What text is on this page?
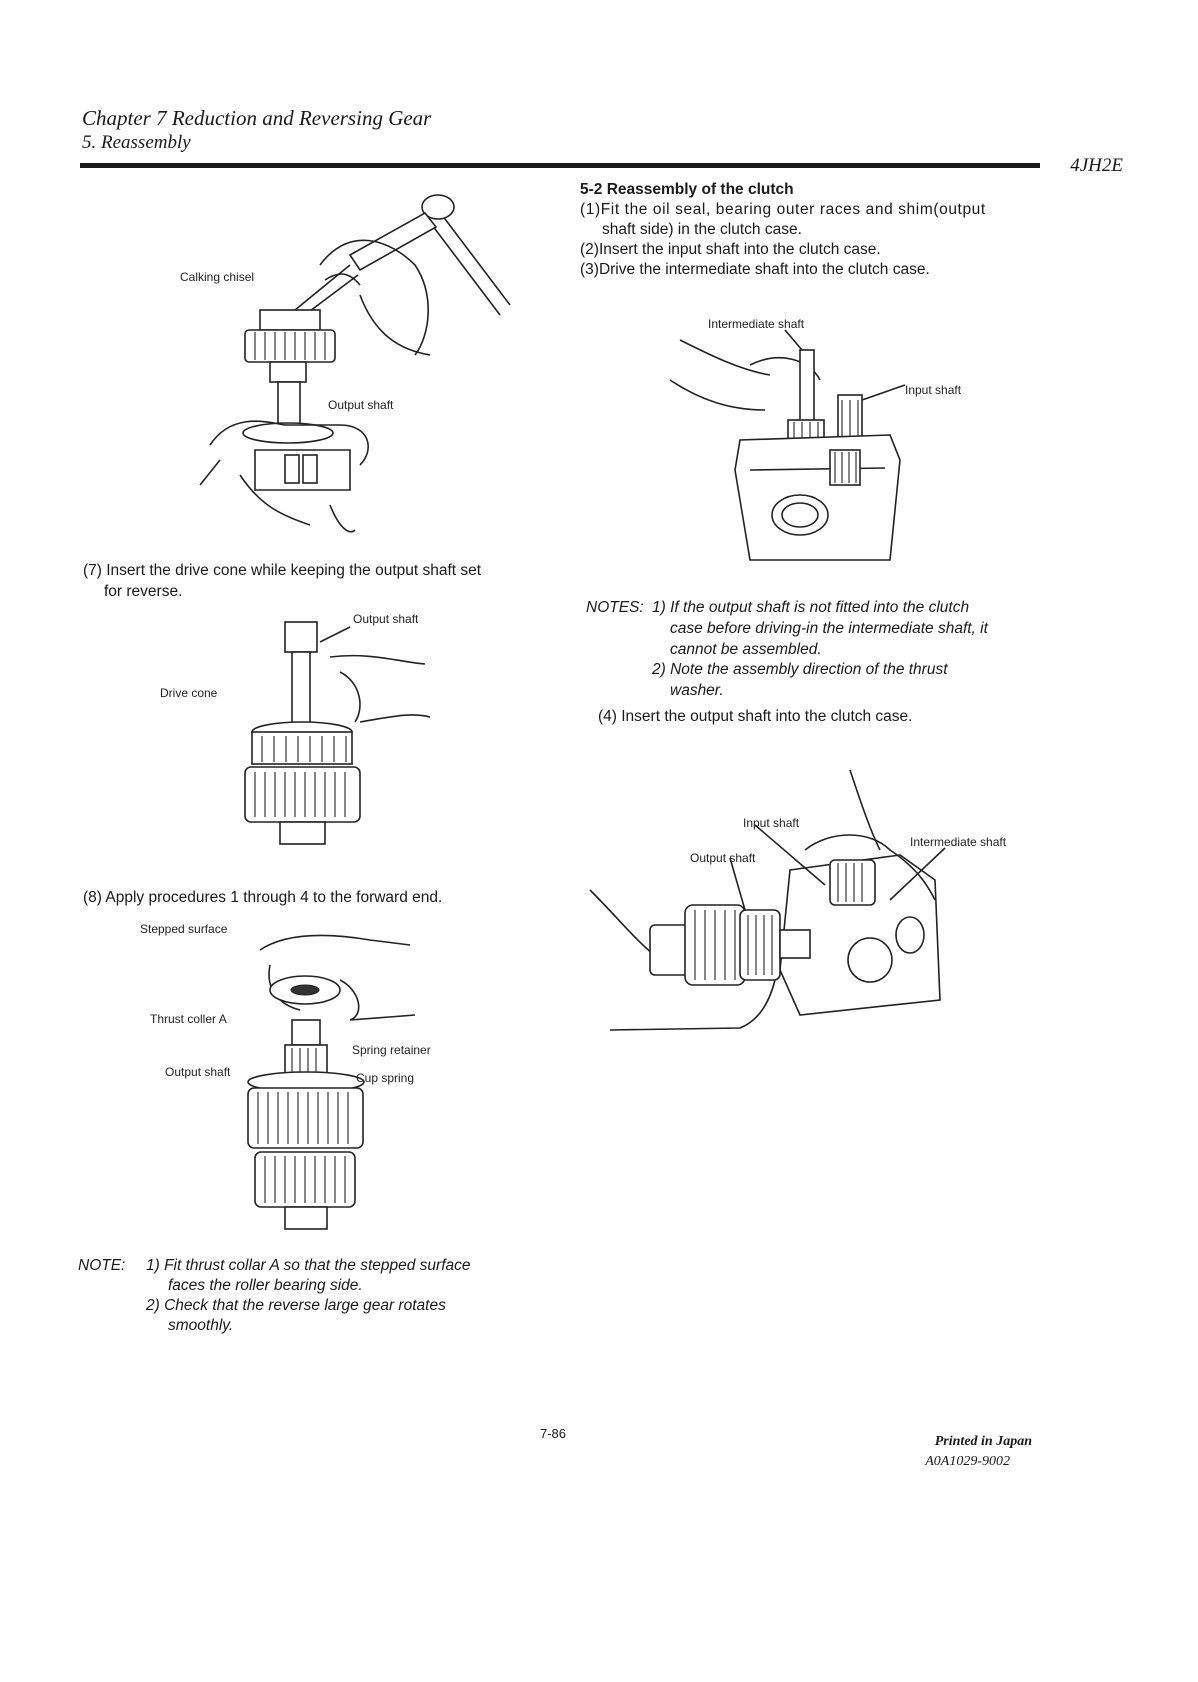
Chapter 7 Reduction and Reversing Gear
5. Reassembly
4JH2E
Calking chisel
Output shaft
(7) Insert the drive cone while keeping the output shaft set
for reverse.
Output shaft
Drive cone
(8) Apply procedures 1 through 4 to the forward end.
Stepped surface
Thrust coller A
Output shaft
Spring retainer
Cup spring
NOTE: 1) Fit thrust collar A so that the stepped surface
faces the roller bearing side.
2) Check that the reverse large gear rotates
smoothly.
5-2 Reassembly of the clutch
(1)Fit the oil seal, bearing outer races and shim(output
shaft side) in the clutch case.
(2)Insert the input shaft into the clutch case.
(3)Drive the intermediate shaft into the clutch case.
Intermediate shaft
Input shaft
NOTES: 1) If the output shaft is not fitted into the clutch
case before driving-in the intermediate shaft, it
cannot be assembled.
2) Note the assembly direction of the thrust
washer.
(4) Insert the output shaft into the clutch case.
Input shaft
Intermediate shaft
Output shaft
7-86
Printed in Japan
A0A1029-9002
